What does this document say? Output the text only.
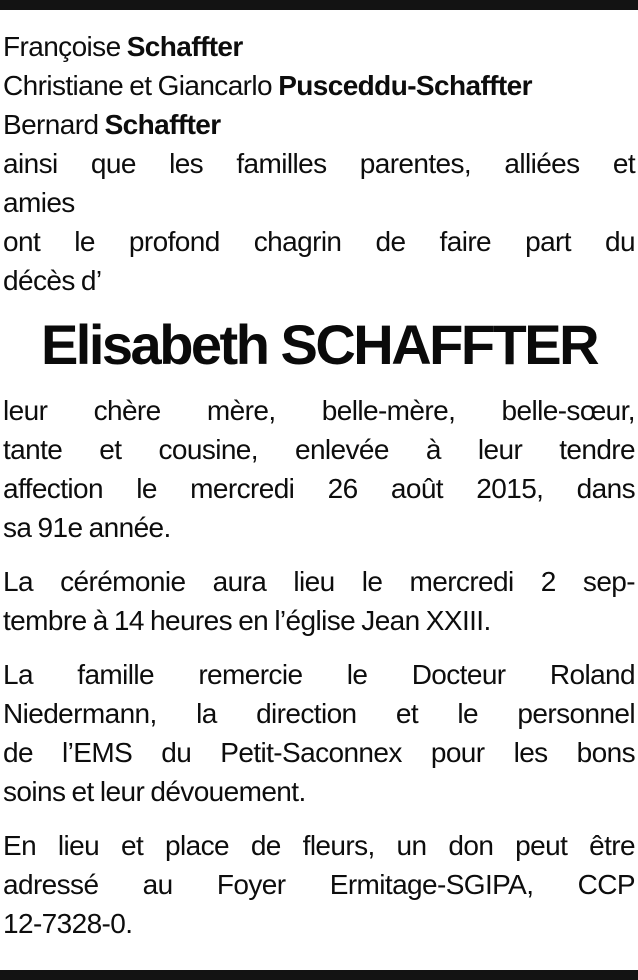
Françoise Schaffter
Christiane et Giancarlo Pusceddu-Schaffter
Bernard Schaffter
ainsi que les familles parentes, alliées et
amies
ont le profond chagrin de faire part du
décès d’
Elisabeth SCHAFFTER
leur chère mère, belle-mère, belle-sœur,
tante et cousine, enlevée à leur tendre
affection le mercredi 26 août 2015, dans
sa 91e année.
La cérémonie aura lieu le mercredi 2 sep-
tembre à 14 heures en l’église Jean XXIII.
La famille remercie le Docteur Roland
Niedermann, la direction et le personnel
de l’EMS du Petit-Saconnex pour les bons
soins et leur dévouement.
En lieu et place de fleurs, un don peut être
adressé au Foyer Ermitage-SGIPA, CCP
12-7328-0.
